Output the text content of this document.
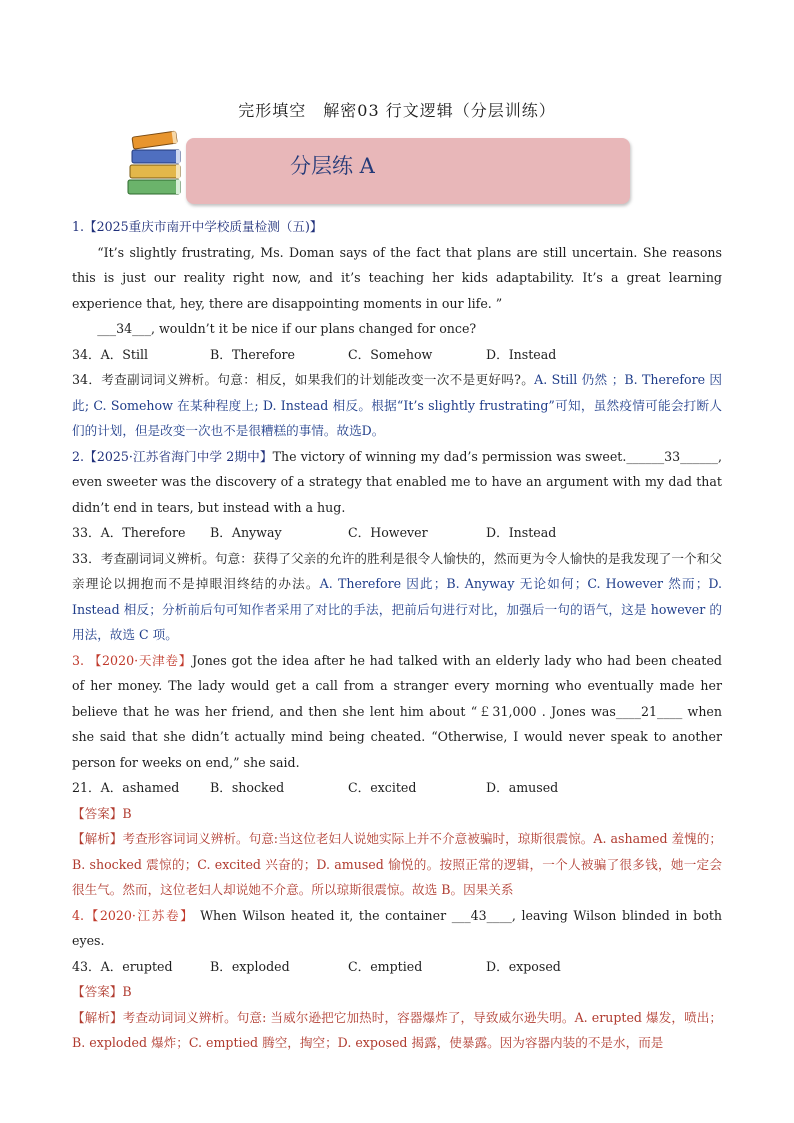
完形填空　解密03 行文逻辑（分层训练）
分层练 A

1.【2025重庆市南开中学校质量检测（五)】

“It’s slightly frustrating, Ms. Doman says of the fact that plans are still uncertain. She reasons this is just our reality right now, and it’s teaching her kids adaptability. It’s a great learning experience that, hey, there are disappointing moments in our life. ”

___34___, wouldn’t it be nice if our plans changed for once?

34．A．Still	B．Therefore	C．Somehow	D．Instead

34．考查副词词义辨析。句意：相反，如果我们的计划能改变一次不是更好吗?。A. Still 仍然 ；B. Therefore 因此; C. Somehow 在某种程度上; D. Instead 相反。根据“It’s slightly frustrating”可知，虽然疫情可能会打断人们的计划，但是改变一次也不是很糟糕的事情。故选D。

2.【2025·江苏省海门中学 2期中】The victory of winning my dad’s permission was sweet.______33______, even sweeter was the discovery of a strategy that enabled me to have an argument with my dad that didn’t end in tears, but instead with a hug.

33．A．Therefore	B．Anyway	C．However	D．Instead

33．考查副词词义辨析。句意：获得了父亲的允许的胜利是很令人愉快的，然而更为令人愉快的是我发现了一个和父亲理论以拥抱而不是掉眼泪终结的办法。A. Therefore 因此；B. Anyway 无论如何；C. However 然而；D. Instead 相反；分析前后句可知作者采用了对比的手法，把前后句进行对比，加强后一句的语气，这是 however 的用法，故选 C 项。

3. 【2020·天津卷】Jones got the idea after he had talked with an elderly lady who had been cheated of her money. The lady would get a call from a stranger every morning who eventually made her believe that he was her friend, and then she lent him about “￡31,000 . Jones was____21____ when she said that she didn’t actually mind being cheated. “Otherwise, I would never speak to another person for weeks on end,” she said.

21．A．ashamed	B．shocked	C．excited	D．amused

【答案】B

【解析】考查形容词词义辨析。句意:当这位老妇人说她实际上并不介意被骗时，琼斯很震惊。A. ashamed 羞愧的；B. shocked 震惊的；C. excited 兴奋的；D. amused 愉悦的。按照正常的逻辑，一个人被骗了很多钱，她一定会很生气。然而，这位老妇人却说她不介意。所以琼斯很震惊。故选 B。因果关系

4.【2020·江苏卷】 When Wilson heated it, the container ___43____, leaving Wilson blinded in both eyes.

43．A．erupted	B．exploded	C．emptied	D．exposed

【答案】B

【解析】考查动词词义辨析。句意: 当威尔逊把它加热时，容器爆炸了，导致威尔逊失明。A. erupted 爆发，喷出；B. exploded 爆炸；C. emptied 腾空，掏空；D. exposed 揭露，使暴露。因为容器内装的不是水，而是
